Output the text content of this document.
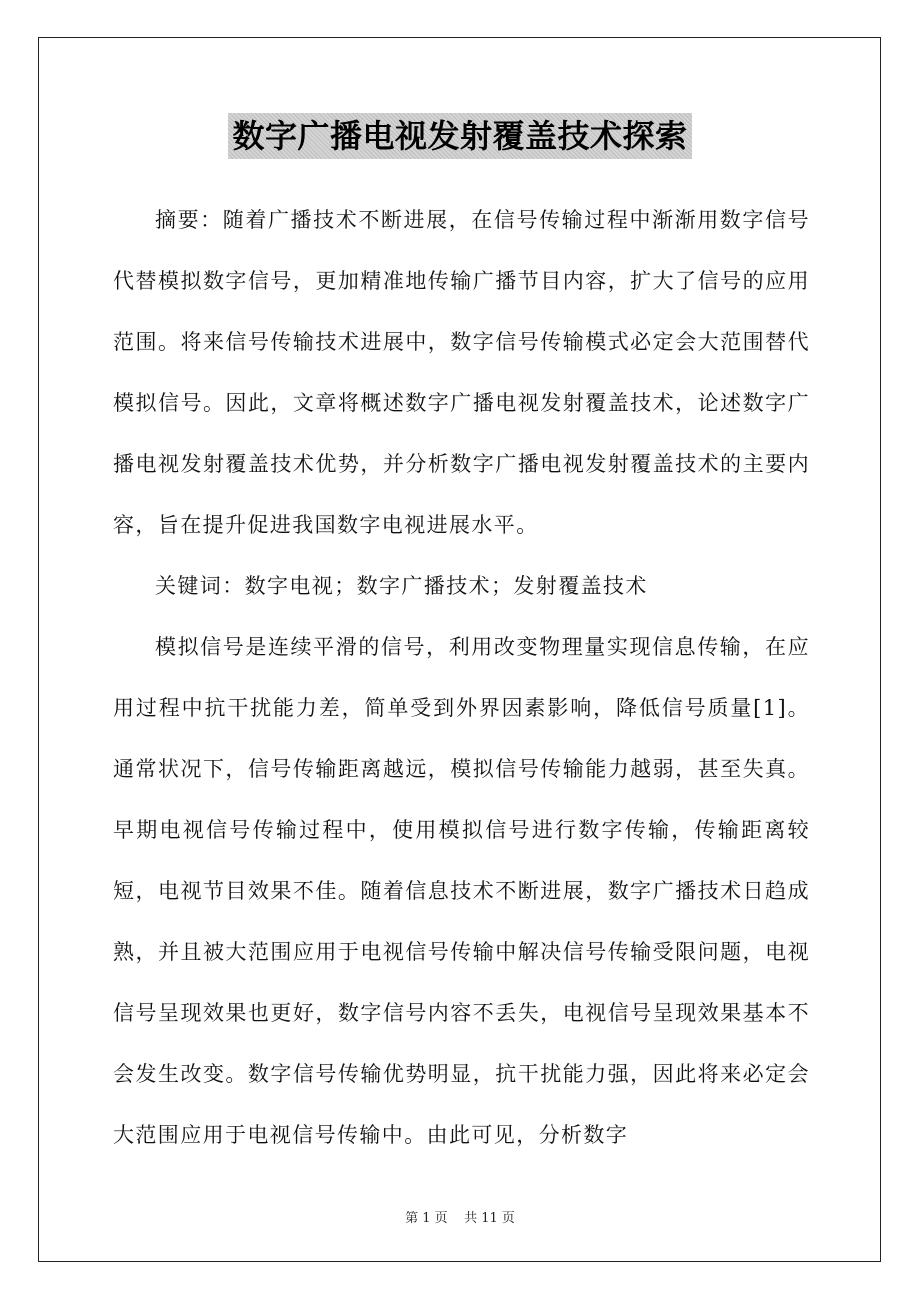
数字广播电视发射覆盖技术探索

摘要：随着广播技术不断进展，在信号传输过程中渐渐用数字信号代替模拟数字信号，更加精准地传输广播节目内容，扩大了信号的应用范围。将来信号传输技术进展中，数字信号传输模式必定会大范围替代模拟信号。因此，文章将概述数字广播电视发射覆盖技术，论述数字广播电视发射覆盖技术优势，并分析数字广播电视发射覆盖技术的主要内容，旨在提升促进我国数字电视进展水平。

关键词：数字电视；数字广播技术；发射覆盖技术

模拟信号是连续平滑的信号，利用改变物理量实现信息传输，在应用过程中抗干扰能力差，简单受到外界因素影响，降低信号质量[1]。通常状况下，信号传输距离越远，模拟信号传输能力越弱，甚至失真。早期电视信号传输过程中，使用模拟信号进行数字传输，传输距离较短，电视节目效果不佳。随着信息技术不断进展，数字广播技术日趋成熟，并且被大范围应用于电视信号传输中解决信号传输受限问题，电视信号呈现效果也更好，数字信号内容不丢失，电视信号呈现效果基本不会发生改变。数字信号传输优势明显，抗干扰能力强，因此将来必定会大范围应用于电视信号传输中。由此可见，分析数字

第 1 页    共 11 页
